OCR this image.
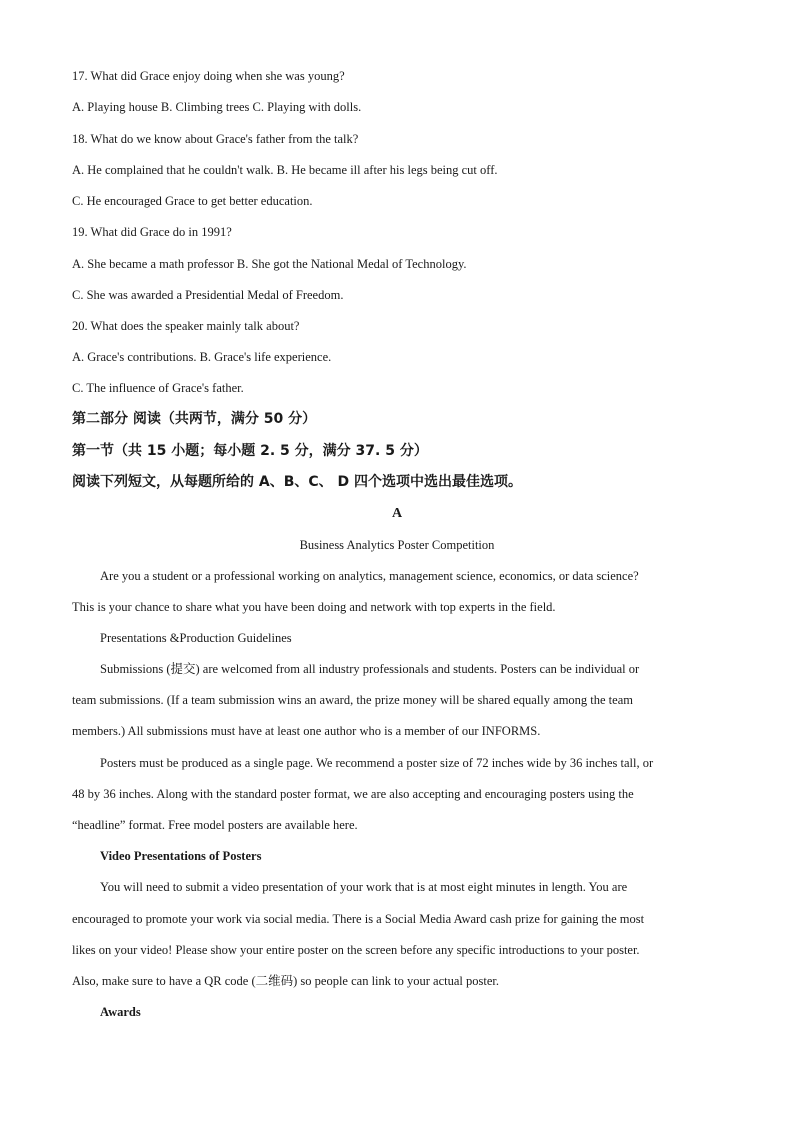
17. What did Grace enjoy doing when she was young?
A. Playing house B. Climbing trees C. Playing with dolls.
18. What do we know about Grace's father from the talk?
A. He complained that he couldn't walk. B. He became ill after his legs being cut off.
C. He encouraged Grace to get better education.
19. What did Grace do in 1991?
A. She became a math professor B. She got the National Medal of Technology.
C. She was awarded a Presidential Medal of Freedom.
20. What does the speaker mainly talk about?
A. Grace's contributions. B. Grace's life experience.
C. The influence of Grace's father.
第二部分 阅读（共两节，满分 50 分）
第一节（共 15 小题；每小题 2. 5 分，满分 37. 5 分）
阅读下列短文，从每题所给的 A、B、C、 D 四个选项中选出最佳选项。
A
Business Analytics Poster Competition
Are you a student or a professional working on analytics, management science, economics, or data science?
This is your chance to share what you have been doing and network with top experts in the field.
Presentations &Production Guidelines
Submissions (提交) are welcomed from all industry professionals and students. Posters can be individual or
team submissions. (If a team submission wins an award, the prize money will be shared equally among the team
members.) All submissions must have at least one author who is a member of our INFORMS.
Posters must be produced as a single page. We recommend a poster size of 72 inches wide by 36 inches tall, or
48 by 36 inches. Along with the standard poster format, we are also accepting and encouraging posters using the
“headline” format. Free model posters are available here.
Video Presentations of Posters
You will need to submit a video presentation of your work that is at most eight minutes in length. You are
encouraged to promote your work via social media. There is a Social Media Award cash prize for gaining the most
likes on your video! Please show your entire poster on the screen before any specific introductions to your poster.
Also, make sure to have a QR code (二维码) so people can link to your actual poster.
Awards
